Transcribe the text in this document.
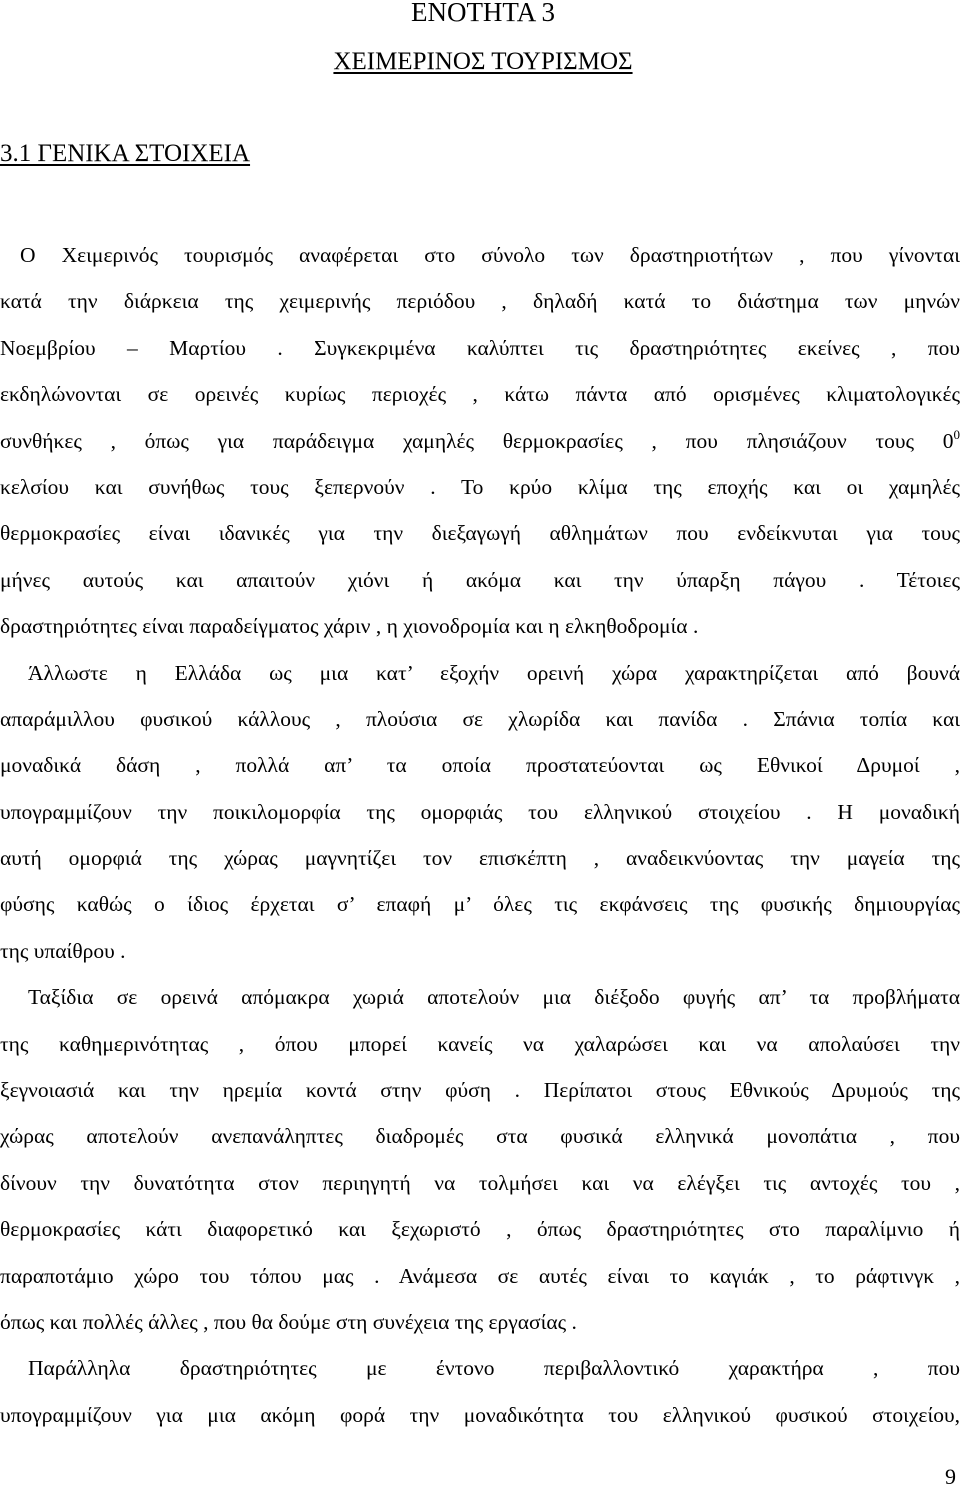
ΕΝΟΤΗΤΑ 3
ΧΕΙΜΕΡΙΝΟΣ ΤΟΥΡΙΣΜΟΣ
3.1 ΓΕΝΙΚΑ ΣΤΟΙΧΕΙΑ
Ο Χειμερινός τουρισμός αναφέρεται στο σύνολο των δραστηριοτήτων , που γίνονται
κατά την διάρκεια της χειμερινής περιόδου , δηλαδή κατά το διάστημα των μηνών
Νοεμβρίου – Μαρτίου . Συγκεκριμένα καλύπτει τις δραστηριότητες εκείνες , που
εκδηλώνονται σε ορεινές κυρίως περιοχές , κάτω πάντα από ορισμένες κλιματολογικές
συνθήκες , όπως για παράδειγμα χαμηλές θερμοκρασίες , που πλησιάζουν τους $0^0$
κελσίου και συνήθως τους ξεπερνούν . Το κρύο κλίμα της εποχής και οι χαμηλές
θερμοκρασίες είναι ιδανικές για την διεξαγωγή αθλημάτων που ενδείκνυται για τους
μήνες αυτούς και απαιτούν χιόνι ή ακόμα και την ύπαρξη πάγου . Τέτοιες
δραστηριότητες είναι παραδείγματος χάριν , η χιονοδρομία και η ελκηθοδρομία .
Άλλωστε η Ελλάδα ως μια κατ’ εξοχήν ορεινή χώρα χαρακτηρίζεται από βουνά
απαράμιλλου φυσικού κάλλους , πλούσια σε χλωρίδα και πανίδα . Σπάνια τοπία και
μοναδικά δάση , πολλά απ’ τα οποία προστατεύονται ως Εθνικοί Δρυμοί ,
υπογραμμίζουν την ποικιλομορφία της ομορφιάς του ελληνικού στοιχείου . Η μοναδική
αυτή ομορφιά της χώρας μαγνητίζει τον επισκέπτη , αναδεικνύοντας την μαγεία της
φύσης καθώς ο ίδιος έρχεται σ’ επαφή μ’ όλες τις εκφάνσεις της φυσικής δημιουργίας
της υπαίθρου .
Ταξίδια σε ορεινά απόμακρα χωριά αποτελούν μια διέξοδο φυγής απ’ τα προβλήματα
της καθημερινότητας , όπου μπορεί κανείς να χαλαρώσει και να απολαύσει την
ξεγνοιασιά και την ηρεμία κοντά στην φύση . Περίπατοι στους Εθνικούς Δρυμούς της
χώρας αποτελούν ανεπανάληπτες διαδρομές στα φυσικά ελληνικά μονοπάτια , που
δίνουν την δυνατότητα στον περιηγητή να τολμήσει και να ελέγξει τις αντοχές του ,
θερμοκρασίες κάτι διαφορετικό και ξεχωριστό , όπως δραστηριότητες στο παραλίμνιο ή
παραποτάμιο χώρο του τόπου μας . Ανάμεσα σε αυτές είναι το καγιάκ , το ράφτινγκ ,
όπως και πολλές άλλες , που θα δούμε στη συνέχεια της εργασίας .
Παράλληλα δραστηριότητες με έντονο περιβαλλοντικό χαρακτήρα , που
υπογραμμίζουν για μια ακόμη φορά την μοναδικότητα του ελληνικού φυσικού στοιχείου,
9
